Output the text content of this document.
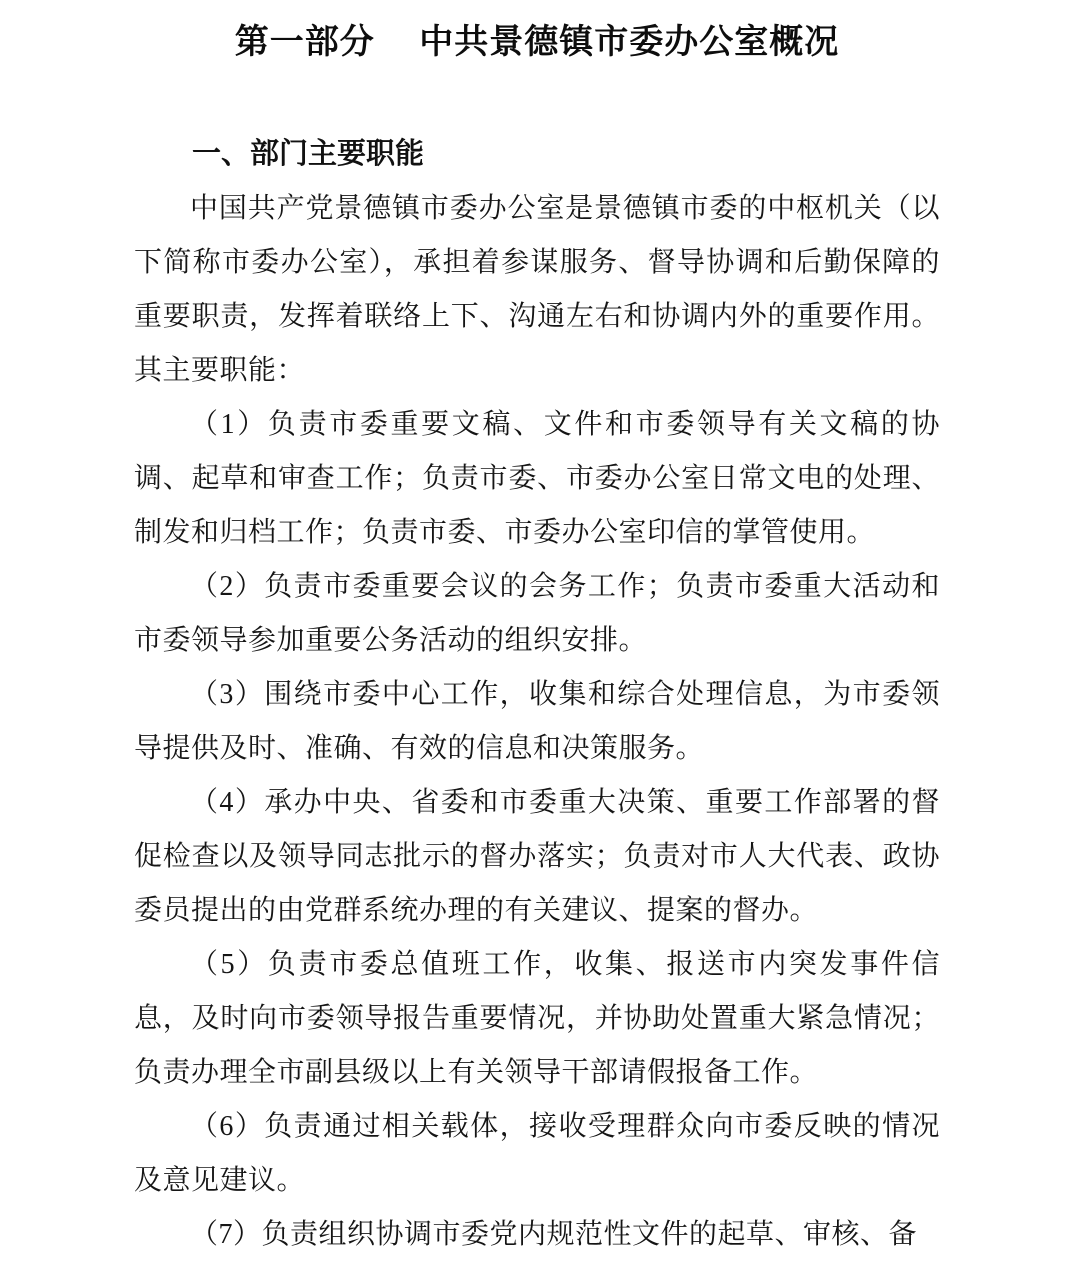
第一部分　 中共景德镇市委办公室概况
一、部门主要职能

中国共产党景德镇市委办公室是景德镇市委的中枢机关（以下简称市委办公室），承担着参谋服务、督导协调和后勤保障的重要职责，发挥着联络上下、沟通左右和协调内外的重要作用。其主要职能：

（1）负责市委重要文稿、文件和市委领导有关文稿的协调、起草和审查工作；负责市委、市委办公室日常文电的处理、制发和归档工作；负责市委、市委办公室印信的掌管使用。

（2）负责市委重要会议的会务工作；负责市委重大活动和市委领导参加重要公务活动的组织安排。

（3）围绕市委中心工作，收集和综合处理信息，为市委领导提供及时、准确、有效的信息和决策服务。

（4）承办中央、省委和市委重大决策、重要工作部署的督促检查以及领导同志批示的督办落实；负责对市人大代表、政协委员提出的由党群系统办理的有关建议、提案的督办。

（5）负责市委总值班工作，收集、报送市内突发事件信息，及时向市委领导报告重要情况，并协助处置重大紧急情况；负责办理全市副县级以上有关领导干部请假报备工作。

（6）负责通过相关载体，接收受理群众向市委反映的情况及意见建议。

（7）负责组织协调市委党内规范性文件的起草、审核、备
